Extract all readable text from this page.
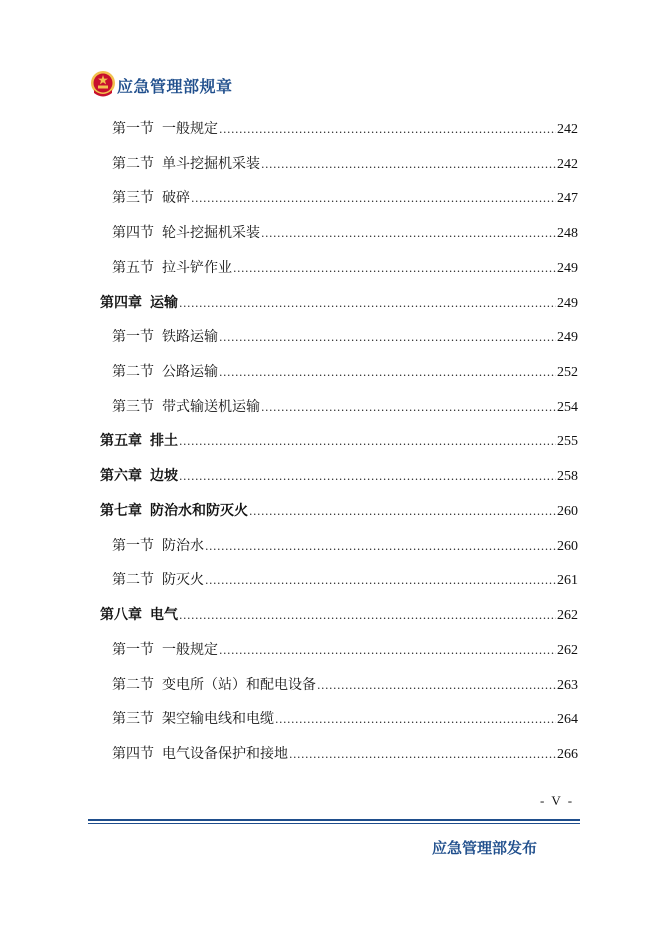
应急管理部规章
第一节 一般规定 .....	242
第二节 单斗挖掘机采装 .....	242
第三节 破碎 .....	247
第四节 轮斗挖掘机采装 .....	248
第五节 拉斗铲作业 .....	249
第四章 运输 .....	249
第一节 铁路运输 .....	249
第二节 公路运输 .....	252
第三节 带式输送机运输 .....	254
第五章 排土 .....	255
第六章 边坡 .....	258
第七章 防治水和防灭火 .....	260
第一节 防治水 .....	260
第二节 防灭火 .....	261
第八章 电气 .....	262
第一节 一般规定 .....	262
第二节 变电所（站）和配电设备 .....	263
第三节 架空输电线和电缆 .....	264
第四节 电气设备保护和接地 .....	266
- V -
应急管理部发布
